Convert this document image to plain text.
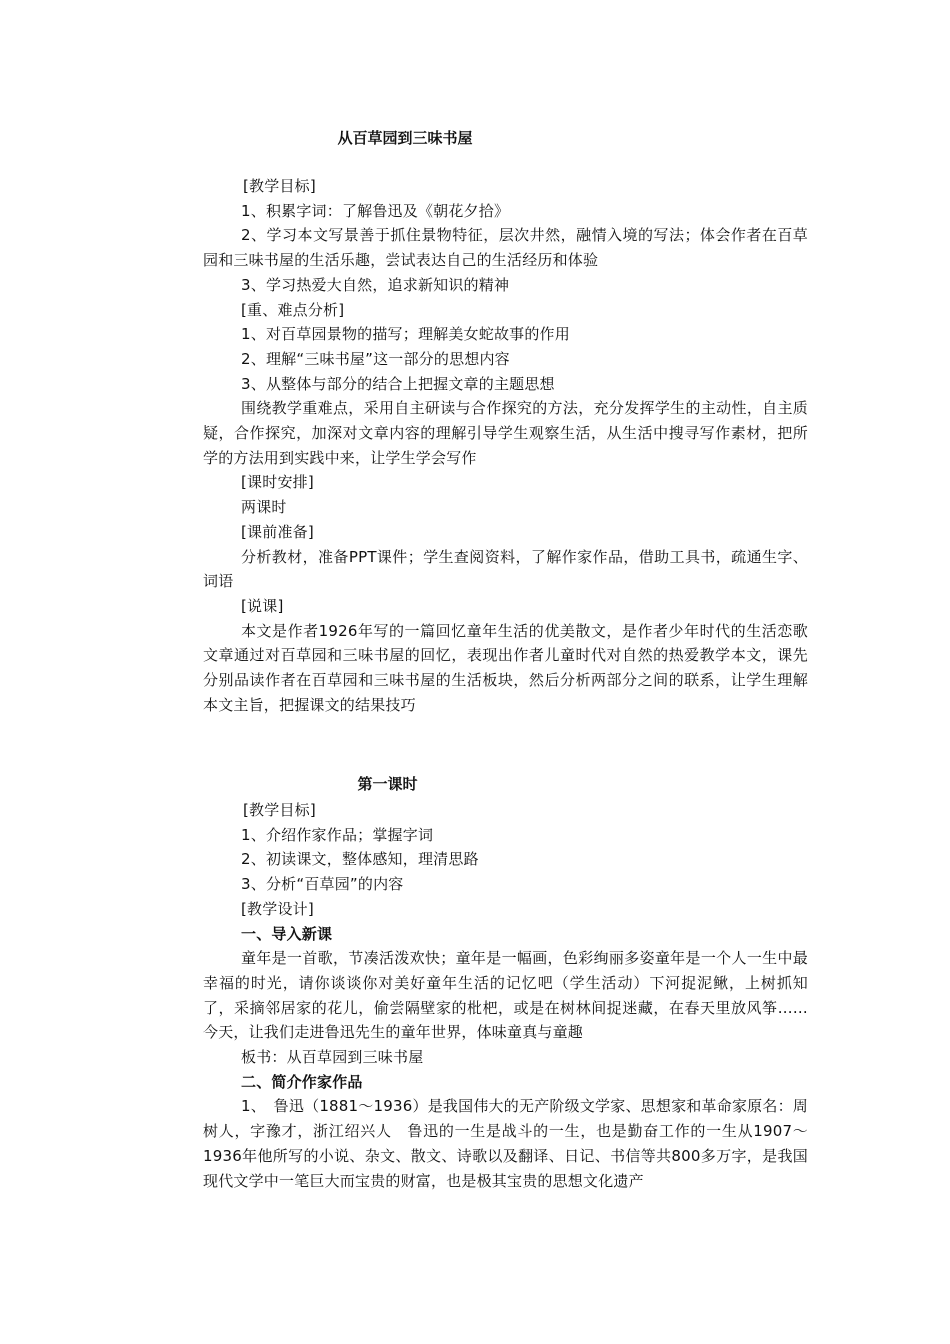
从百草园到三味书屋

[教学目标]

1、积累字词：了解鲁迅及《朝花夕拾》

2、学习本文写景善于抓住景物特征，层次井然，融情入境的写法；体会作者在百草园和三味书屋的生活乐趣，尝试表达自己的生活经历和体验

3、学习热爱大自然，追求新知识的精神

[重、难点分析]

1、对百草园景物的描写；理解美女蛇故事的作用

2、理解“三味书屋”这一部分的思想内容

3、从整体与部分的结合上把握文章的主题思想

围绕教学重难点，采用自主研读与合作探究的方法，充分发挥学生的主动性，自主质疑，合作探究，加深对文章内容的理解引导学生观察生活，从生活中搜寻写作素材，把所学的方法用到实践中来，让学生学会写作

[课时安排]

两课时

[课前准备]

分析教材，准备PPT课件；学生查阅资料，了解作家作品，借助工具书，疏通生字、词语

[说课]

本文是作者1926年写的一篇回忆童年生活的优美散文，是作者少年时代的生活恋歌文章通过对百草园和三味书屋的回忆，表现出作者儿童时代对自然的热爱教学本文，课先分别品读作者在百草园和三味书屋的生活板块，然后分析两部分之间的联系，让学生理解本文主旨，把握课文的结果技巧

第一课时

[教学目标]

1、介绍作家作品；掌握字词

2、初读课文，整体感知，理清思路

3、分析“百草园”的内容

[教学设计]

一、导入新课

童年是一首歌，节凑活泼欢快；童年是一幅画，色彩绚丽多姿童年是一个人一生中最幸福的时光，请你谈谈你对美好童年生活的记忆吧（学生活动）下河捉泥鳅，上树抓知了，采摘邻居家的花儿，偷尝隔壁家的枇杷，或是在树林间捉迷藏，在春天里放风筝……今天，让我们走进鲁迅先生的童年世界，体味童真与童趣

板书：从百草园到三味书屋

二、简介作家作品

1、　鲁迅（1881～1936）是我国伟大的无产阶级文学家、思想家和革命家原名：周树人，字豫才，浙江绍兴人　鲁迅的一生是战斗的一生，也是勤奋工作的一生从1907～1936年他所写的小说、杂文、散文、诗歌以及翻译、日记、书信等共800多万字，是我国现代文学中一笔巨大而宝贵的财富，也是极其宝贵的思想文化遗产
